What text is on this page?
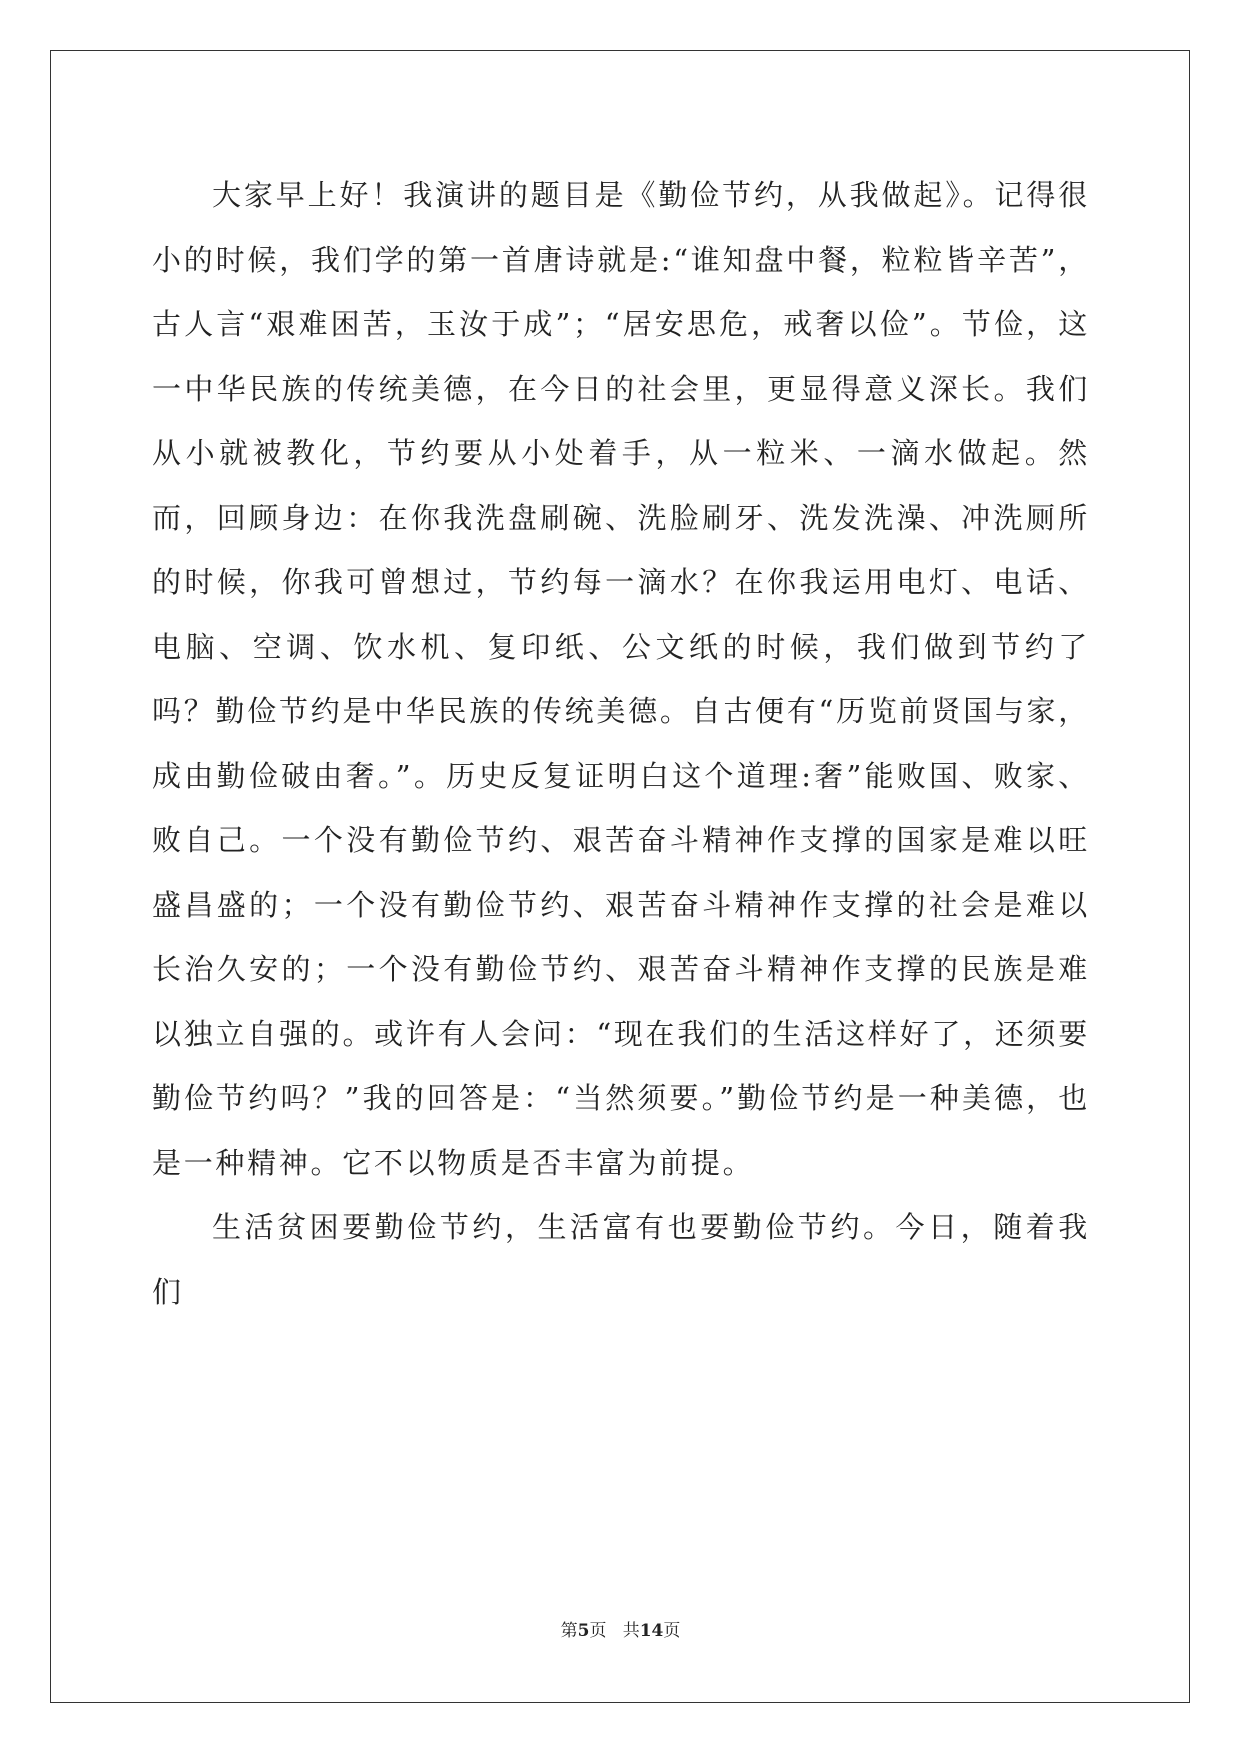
大家早上好！我演讲的题目是《勤俭节约，从我做起》。记得很小的时候，我们学的第一首唐诗就是:“谁知盘中餐，粒粒皆辛苦”，古人言“艰难困苦，玉汝于成”；“居安思危，戒奢以俭”。节俭，这一中华民族的传统美德，在今日的社会里，更显得意义深长。我们从小就被教化，节约要从小处着手，从一粒米、一滴水做起。然而，回顾身边：在你我洗盘刷碗、洗脸刷牙、洗发洗澡、冲洗厕所的时候，你我可曾想过，节约每一滴水？在你我运用电灯、电话、电脑、空调、饮水机、复印纸、公文纸的时候，我们做到节约了吗？勤俭节约是中华民族的传统美德。自古便有“历览前贤国与家，成由勤俭破由奢。”。历史反复证明白这个道理:奢”能败国、败家、败自己。一个没有勤俭节约、艰苦奋斗精神作支撑的国家是难以旺盛昌盛的；一个没有勤俭节约、艰苦奋斗精神作支撑的社会是难以长治久安的；一个没有勤俭节约、艰苦奋斗精神作支撑的民族是难以独立自强的。或许有人会问：“现在我们的生活这样好了，还须要勤俭节约吗？”我的回答是：“当然须要。”勤俭节约是一种美德，也是一种精神。它不以物质是否丰富为前提。

生活贫困要勤俭节约，生活富有也要勤俭节约。今日，随着我们

第5页 共14页
